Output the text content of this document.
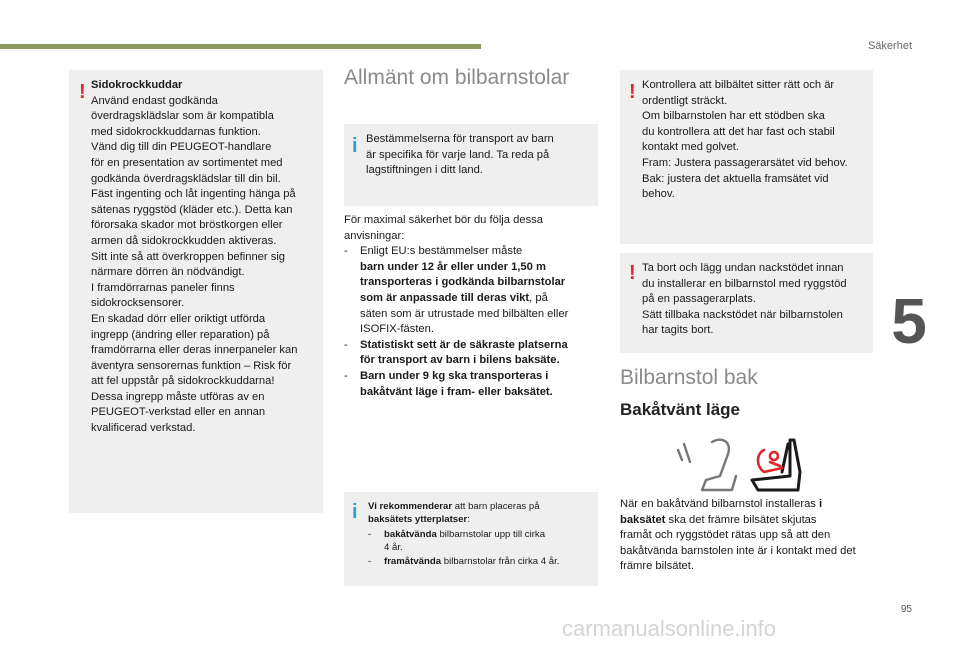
Säkerhet
5
95
carmanualsonline.info
! Sidokrockkuddar
Använd endast godkända
överdragsklädslar som är kompatibla
med sidokrockkuddarnas funktion.
Vänd dig till din PEUGEOT-handlare
för en presentation av sortimentet med
godkända överdragsklädslar till din bil.
Fäst ingenting och låt ingenting hänga på
sätenas ryggstöd (kläder etc.). Detta kan
förorsaka skador mot bröstkorgen eller
armen då sidokrockkudden aktiveras.
Sitt inte så att överkroppen befinner sig
närmare dörren än nödvändigt.
I framdörrarnas paneler finns
sidokrocksensorer.
En skadad dörr eller oriktigt utförda
ingrepp (ändring eller reparation) på
framdörrarna eller deras innerpaneler kan
äventyra sensorernas funktion – Risk för
att fel uppstår på sidokrockkuddarna!
Dessa ingrepp måste utföras av en
PEUGEOT-verkstad eller en annan
kvalificerad verkstad.
Allmänt om bilbarnstolar
i Bestämmelserna för transport av barn
är specifika för varje land. Ta reda på
lagstiftningen i ditt land.
För maximal säkerhet bör du följa dessa
anvisningar:
- Enligt EU:s bestämmelser måste
barn under 12 år eller under 1,50 m
transporteras i godkända bilbarnstolar
som är anpassade till deras vikt, på
säten som är utrustade med bilbälten eller
ISOFIX-fästen.
- Statistiskt sett är de säkraste platserna
för transport av barn i bilens baksäte.
- Barn under 9 kg ska transporteras i
bakåtvänt läge i fram- eller baksätet.
i Vi rekommenderar att barn placeras på
baksätets ytterplatser:
- bakåtvända bilbarnstolar upp till cirka
4 år.
- framåtvända bilbarnstolar från cirka 4 år.
! Kontrollera att bilbältet sitter rätt och är
ordentligt sträckt.
Om bilbarnstolen har ett stödben ska
du kontrollera att det har fast och stabil
kontakt med golvet.
Fram: Justera passagerarsätet vid behov.
Bak: justera det aktuella framsätet vid
behov.
! Ta bort och lägg undan nackstödet innan
du installerar en bilbarnstol med ryggstöd
på en passagerarplats.
Sätt tillbaka nackstödet när bilbarnstolen
har tagits bort.
Bilbarnstol bak
Bakåtvänt läge
När en bakåtvänd bilbarnstol installeras i
baksätet ska det främre bilsätet skjutas
framåt och ryggstödet rätas upp så att den
bakåtvända barnstolen inte är i kontakt med det
främre bilsätet.
